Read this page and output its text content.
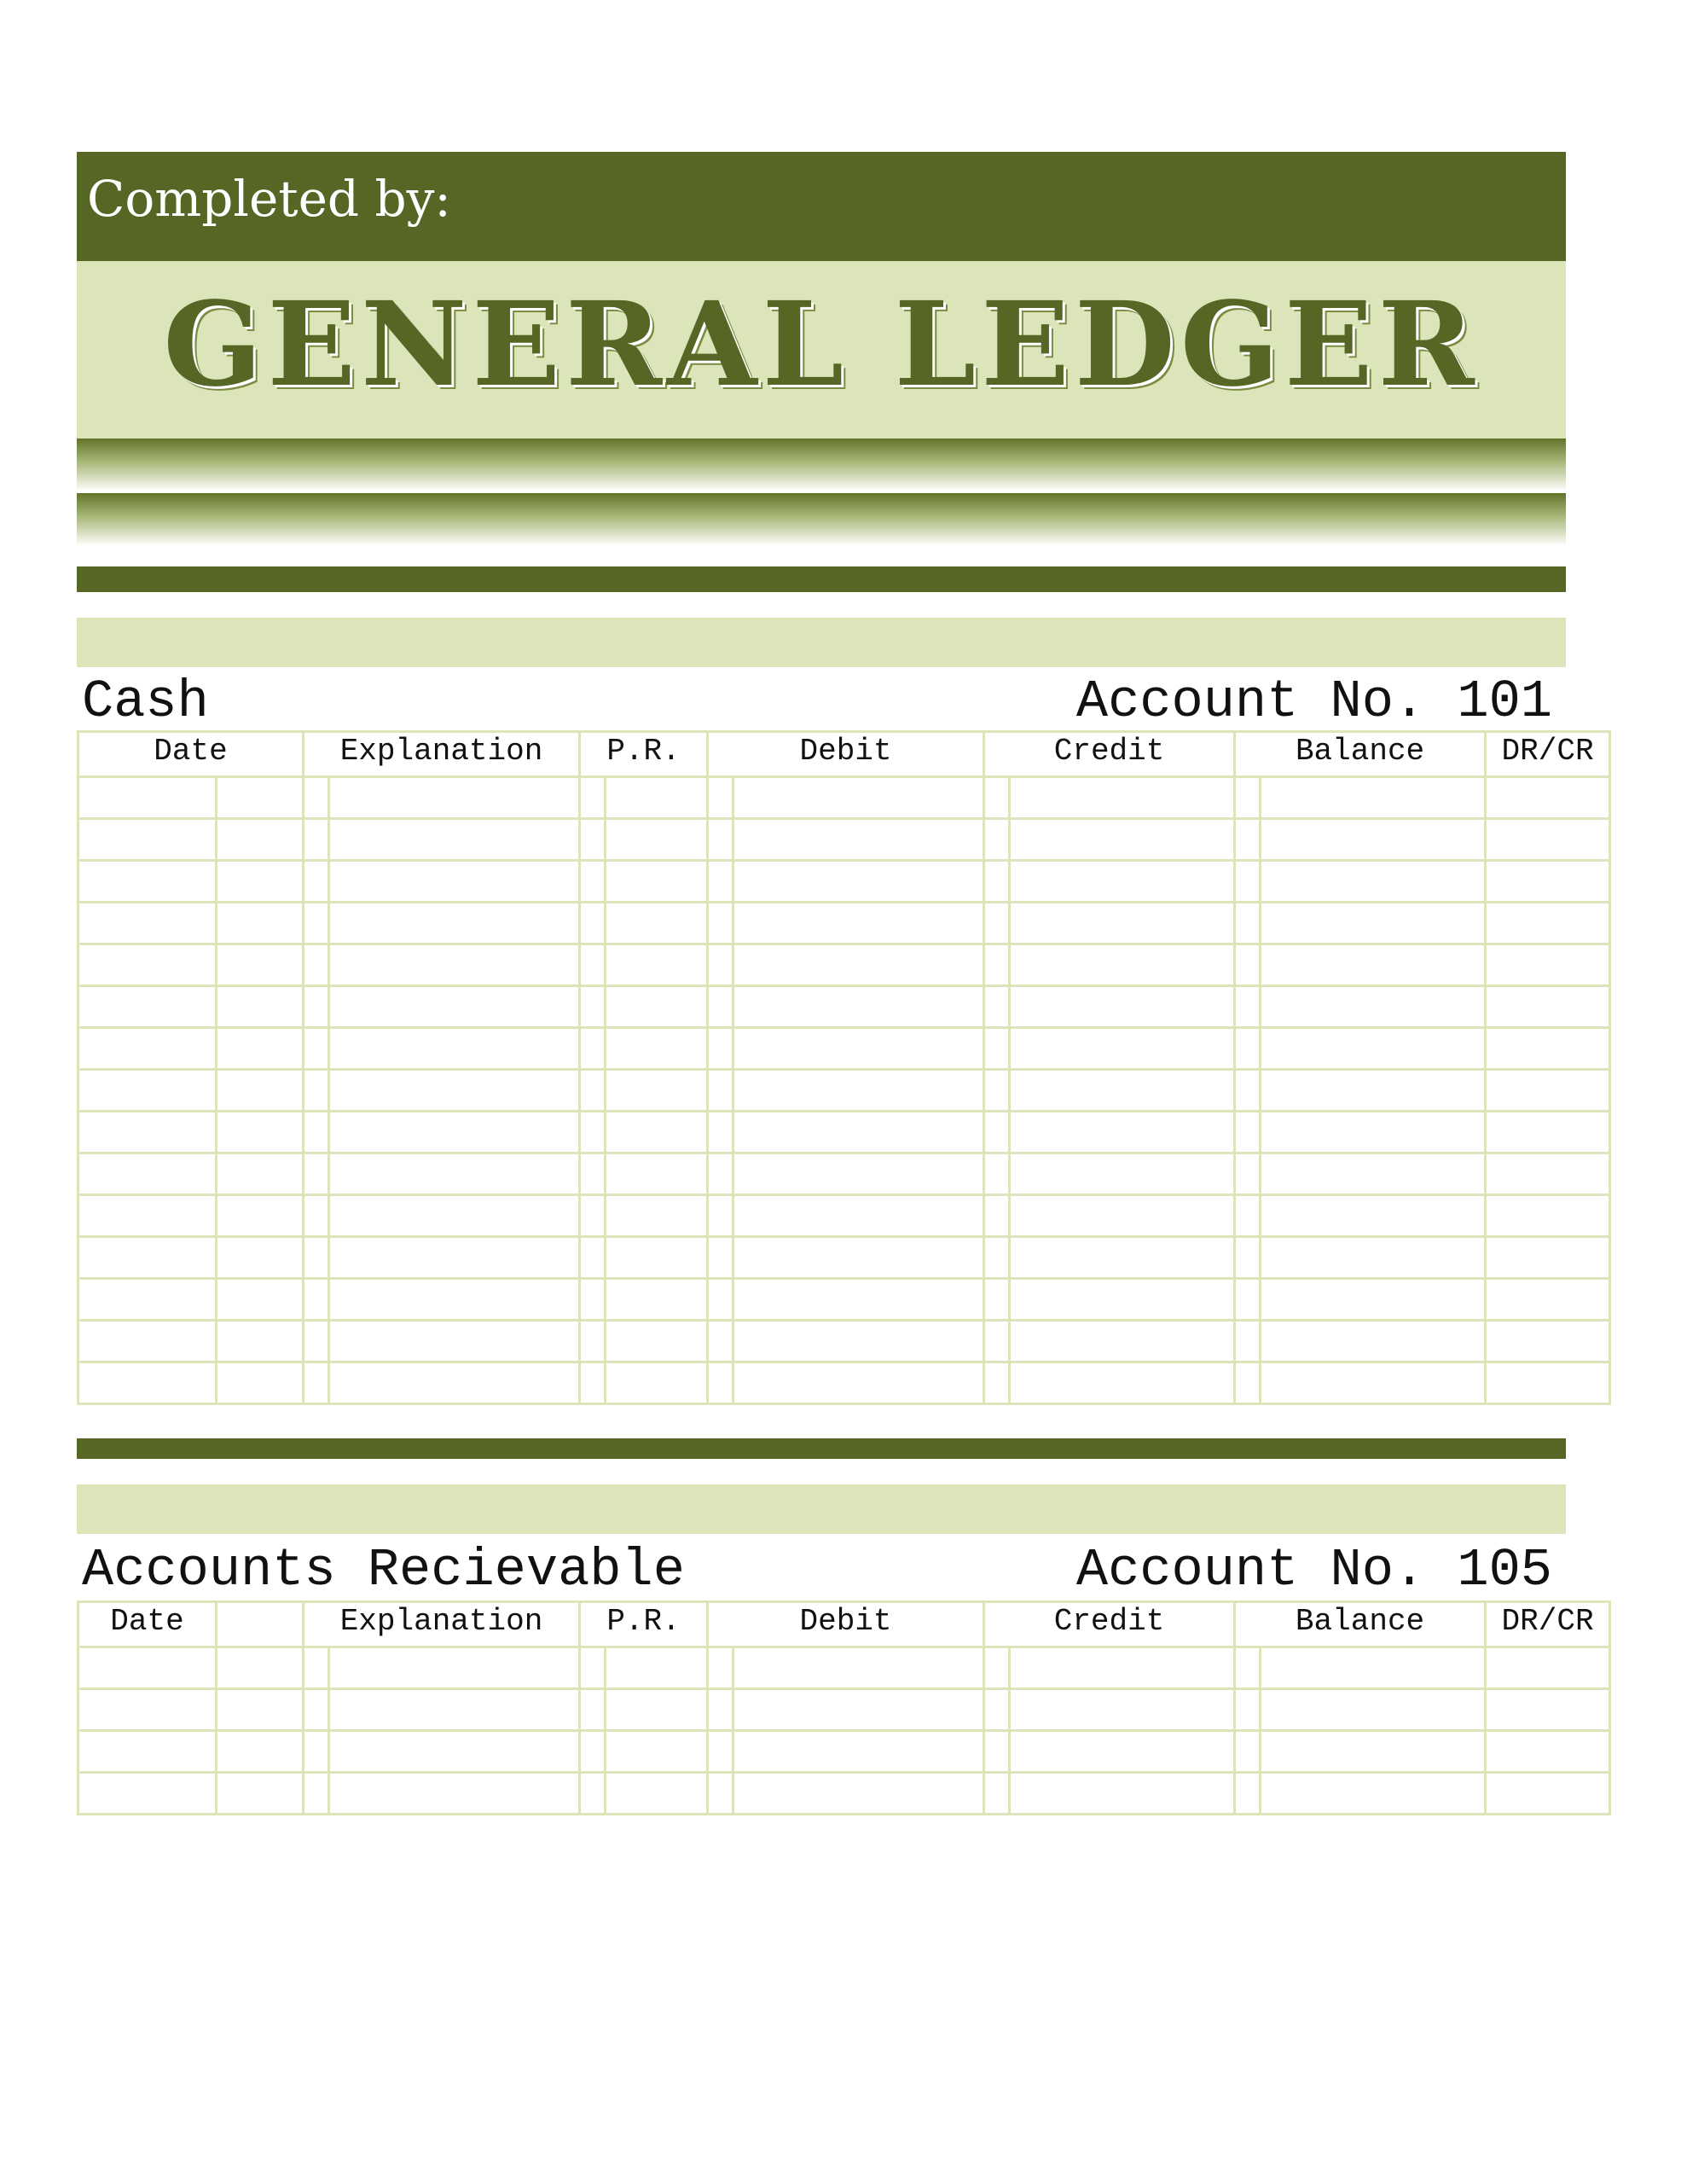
Completed by:
GENERAL LEDGER
Cash	Account No. 101
Date		Explanation		P.R.		Debit		Credit		Balance		DR/CR

Accounts Recievable	Account No. 105
Date		Explanation		P.R.		Debit		Credit		Balance		DR/CR
